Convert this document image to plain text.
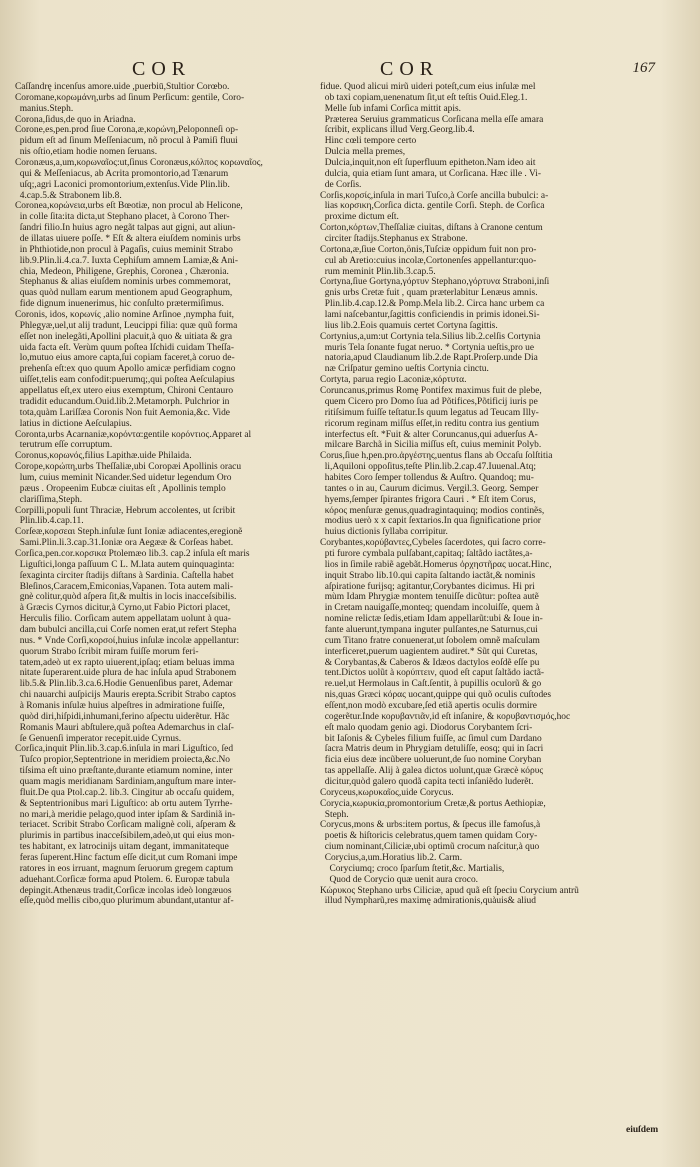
COR	COR	167
Caſſandrę incenſus amore.uide ,puerbiū,Stultior Corœbo.
Coromane,κορωμάνη,urbs ad ſinum Perſicum: gentile, Coro-
manius.Steph.
Corona,ſidus,de quo in Ariadna.
Corone,es,pen.prod ſiue Corona,æ,κορώνη,Peloponneſi op-
pidum eſt ad ſinum Meſſeniacum, nõ procul à Pamiſi fluui
nis oſtio,etiam hodie nomen ſeruans.
Coronæus,a,um,κορωναῖος:ut,ſinus Coronæus,κόλπος κορωναῖος,
qui & Meſſeniacus, ab Acrita promontorio,ad Tænarum
uſq;,agri Laconici promontorium,extenſus.Vide Plin.lib.
4.cap.5.& Strabonem lib.8.
Coronea,κορώνεια,urbs eſt Bœotiæ, non procul ab Helicone,
in colle ſita:ita dicta,ut Stephano placet, à Corono Ther-
ſandri filio.In huius agro negãt talpas aut gigni, aut aliun-
de illatas uiuere poſſe. * Eſt & altera eiuſdem nominis urbs
in Phthiotide,non procul à Pagaſis, cuius meminit Strabo
lib.9.Plin.li.4.ca.7. Iuxta Cephiſum amnem Lamiæ,& Ani-
chia, Medeon, Philigene, Grephis, Coronea , Chæronia.
Stephanus & alias eiuſdem nominis urbes commemorat,
quas quòd nullam earum mentionem apud Geographum,
fide dignum inuenerimus, hic conſulto prætermiſimus.
Coronis, idos, κορωνίς ,alio nomine Arſinoe ,nympha fuit,
Phlegyæ,uel,ut alij tradunt, Leucippi filia: quæ quũ forma
eſſet non inelegãti,Apollini placuit,à quo & uitiata & gra
uida facta eſt. Verùm quum poſtea Iſchidi cuidam Theſſa-
lo,mutuo eius amore capta,ſui copiam faceret,à coruo de-
prehenſa eſt:ex quo quum Apollo amicæ perfidiam cogno
uiſſet,telis eam confodit:puerumq;,qui poſtea Aeſculapius
appellatus eſt,ex utero eius exemptum, Chironi Centauro
tradidit educandum.Ouid.lib.2.Metamorph. Pulchrior in
tota,quàm Lariſſæa Coronis Non fuit Aemonia,&c. Vide
latius in dictione Aeſculapius.
Coronta,urbs Acarnaniæ,κορόντα:gentile κορόντιος.Apparet al
terutrum eſſe corruptum.
Coronus,κορωνός,filius Lapithæ.uide Philaida.
Corope,κορώπη,urbs Theſſaliæ,ubi Coropæi Apollinis oracu
lum, cuius meminit Nicander.Sed uidetur legendum Oro
pæus . Oropeenim Eubϲæ ciuitas eſt , Apollinis templo
clariſſima,Steph.
Corpilli,populi ſunt Thraciæ, Hebrum accolentes, ut ſcribit
Plin.lib.4.cap.11.
Corſeæ,κορσεαι Steph.inſulæ ſunt Ioniæ adiacentes,eregionẽ
Sami.Plin.li.3.cap.31.Ioniæ ora Aegææ & Corſeas habet.
Corſica,pen.cor.κορσικα Ptolemæo lib.3. cap.2 inſula eſt maris
Liguſtici,longa paſſuum C L. M.lata autem quinquaginta:
ſexaginta circiter ſtadijs diſtans à Sardinia. Caſtella habet
Bleſinos,Caracem,Emiconias,Vapanen. Tota autem mali-
gnè colitur,quòd aſpera ſit,& multis in locis inacceſsibilis.
à Græcis Cyrnos dicitur,à Cyrno,ut Fabio Pictori placet,
Herculis filio. Corſicam autem appellatam uolunt à qua-
dam bubulci ancilla,cui Corſe nomen erat,ut refert Stepha
nus. * Vnde Corſi,κορσοί,huius inſulæ incolæ appellantur:
quorum Strabo ſcribit miram fuiſſe morum feri-
tatem,adeò ut ex rapto uiuerent,ipſaq; etiam beluas imma
nitate ſuperarent.uide plura de hac inſula apud Strabonem
lib.5.& Plin.lib.3.ca.6.Hodie Genuenſibus paret, Ademar
chi nauarchi auſpicijs Mauris erepta.Scribit Strabo captos
à Romanis inſulæ huius alpeſtres in admiratione fuiſſe,
quòd diri,hiſpidi,inhumani,ferino aſpectu uiderẽtur. Hãc
Romanis Mauri abſtulere,quã poſtea Ademarchus in claſ-
ſe Genuenſi imperator recepit.uide Cyrnus.
Corſica,inquit Plin.lib.3.cap.6.inſula in mari Liguſtico, ſed
Tuſco propior,Septentrione in meridiem proiecta,&c.No
tiſsima eſt uino præſtante,durante etiamum nomine, inter
quam magis meridianam Sardiniam,anguſtum mare inter-
fluit.De qua Ptol.cap.2. lib.3. Cingitur ab occaſu quidem,
& Septentrionibus mari Liguſtico: ab ortu autem Tyrrhe-
no mari,à meridie pelago,quod inter ipſam & Sardiniã in-
teriacet. Scribit Strabo Corſicam malignè coli, aſperam &
plurimis in partibus inacceſsibilem,adeò,ut qui eius mon-
tes habitant, ex latrocinijs uitam degant, immanitateque
feras ſuperent.Hinc factum eſſe dicit,ut cum Romani impe
ratores in eos irruant, magnum ſeruorum gregem captum
aduehant.Corſicæ forma apud Ptolem. 6. Europæ tabula
depingit.Athenæus tradit,Corſicæ incolas ideò longæuos
eſſe,quòd mellis cibo,quo plurimum abundant,utantur af-
fidue. Quod alicui mirũ uideri poteſt,cum eius inſulæ mel
ob taxi copiam,uenenatum ſit,ut eſt teſtis Ouid.Eleg.1.
Melle ſub infami Corſica mittit apis.
Præterea Seruius grammaticus Corſicana mella eſſe amara
ſcribit, explicans illud Verg.Georg.lib.4.
Hinc cœli tempore certo
Dulcia mella premes,
Dulcia,inquit,non eſt ſuperfluum epitheton.Nam ideo ait
dulcia, quia etiam ſunt amara, ut Corſicana. Hæc ille . Vi-
de Corſis.
Corſis,κορσίς,inſula in mari Tuſco,à Corſe ancilla bubulci: a-
lias κορσικη,Corſica dicta. gentile Corſi. Steph. de Corſica
proxime dictum eſt.
Corton,κόρτων,Theſſaliæ ciuitas, diſtans à Cranone centum
circiter ſtadijs.Stephanus ex Strabone.
Cortona,æ,ſiue Corton,önis,Tuſciæ oppidum fuit non pro-
cul ab Aretio:cuius incolæ,Cortonenſes appellantur:quo-
rum meminit Plin.lib.3.cap.5.
Cortyna,ſiue Gortyna,γόρτυν Stephano,γόρτυνα Straboni,inſi
gnis urbs Cretæ fuit , quam præterlabitur Lenæus amnis.
Plin.lib.4.cap.12.& Pomp.Mela lib.2. Circa hanc urbem ca
lami naſcebantur,ſagittis conficiendis in primis idonei.Si-
lius lib.2.Eois quamuis certet Cortyna ſagittis.
Cortynius,a,um:ut Cortynia tela.Silius lib.2.celſis Cortynia
muris Tela ſonante fugat neruo. * Cortynia ueſtis,pro ue
natoria,apud Claudianum lib.2.de Rapt.Proſerp.unde Dia
næ Criſpatur gemino ueſtis Cortynia cinctu.
Cortyta, parua regio Laconiæ,κόρτυτα.
Coruncanus,primus Romę Pontifex maximus fuit de plebe,
quem Cicero pro Domo ſua ad Põtifices,Põtificij iuris pe
ritiſsimum fuiſſe teſtatur.Is quum legatus ad Teucam Illy-
ricorum reginam miſſus eſſet,in reditu contra ius gentium
interfectus eſt. *Fuit & alter Coruncanus,qui aduerſus A-
milcare Barchã in Sicilia miſſus eſt, cuius meminit Polyb.
Corus,ſiue h,pen.pro.ἀργέστης,uentus flans ab Occaſu ſolſtitia
li,Aquiloni oppoſitus,teſte Plin.lib.2.cap.47.Iuuenal.Atq;
habites Coro ſemper tollendus & Auſtro. Quandoq; mu-
tantes o in au, Caurum dicimus. Vergil.3. Georg. Semper
hyems,ſemper ſpirantes frigora Cauri . * Eſt item Corus,
κόρος menſuræ genus,quadragintaquinq; modios continẽs,
modius uerò x x capit ſextarios.In qua ſignificatione prior
huius dictionis ſyllaba corripitur.
Corybantes,κορύβαντες,Cybeles ſacerdotes, qui ſacro corre-
pti furore cymbala pulſabant,capitaq; ſaltãdo iactãtes,a-
lios in ſimile rabiẽ agebãt.Homerus ὀρχηστῆρας uocat.Hinc,
inquit Strabo lib.10.qui capita ſaltando iactãt,& nominis
aſpiratione furijsq; agitantur,Corybantes dicimus. Hi pri
mùm Idam Phrygiæ montem tenuiſſe dicũtur: poſtea autẽ
in Cretam nauigaſſe,monteq; quendam incoluiſſe, quem à
nomine relictæ ſedis,etiam Idam appellarũt:ubi & Ioue in-
fante aluerunt,tympana inguter pulſantes,ne Saturnus,cui
cum Titano fratre conuenerat,ut ſobolem omnẽ maſculam
interficeret,puerum uagientem audiret.* Sũt qui Curetas,
& Corybantas,& Caberos & Idæos dactylos eoſdẽ eſſe pu
tent.Dictos uolũt à κορύπτειν, quod eſt caput ſaltãdo iactã-
re.uel,ut Hermolaus in Caſt.ſentit, à pupillis oculorũ & go
nis,quas Græci κόρας uocant,quippe qui quõ oculis cuſtodes
eſſent,non modò excubare,ſed etiã apertis oculis dormire
cogerẽtur.Inde κορυβαντιᾶν,id eſt inſanire, & κορυβαντισμός,hoc
eſt malo quodam genio agi. Diodorus Corybantem ſcri-
bit Iaſonis & Cybeles filium fuiſſe, ac ſimul cum Dardano
ſacra Matris deum in Phrygiam detuliſſe, eosq; qui in ſacri
ficia eius deæ incũbere uoluerunt,de ſuo nomine Coryban
tas appellaſſe. Alij à galea dictos uolunt,quæ Græcè κόρυς
dicitur,quòd galero quodã capita tecti inſaniẽdo luderẽt.
Coryceus,κωρυκαῖος,uide Corycus.
Corycia,κωρυκία,promontorium Cretæ,& portus Aethiopiæ,
Steph.
Corycus,mons & urbs:item portus, & ſpecus ille famoſus,à
poetis & hiſtoricis celebratus,quem tamen quidam Cory-
cium nominant,Ciliciæ,ubi optimũ crocum naſcitur,à quo
Corycius,a,um.Horatius lib.2. Carm.
Coryciumq; croco ſparſum ſtetit,&c. Martialis,
Quod de Corycio quæ uenit aura croco.
Κώρυκος Stephano urbs Ciliciæ, apud quã eſt ſpeciu Corycium antrũ
illud Nympharũ,res maximę admirationis,quàuis& aliud
eiuſdem
